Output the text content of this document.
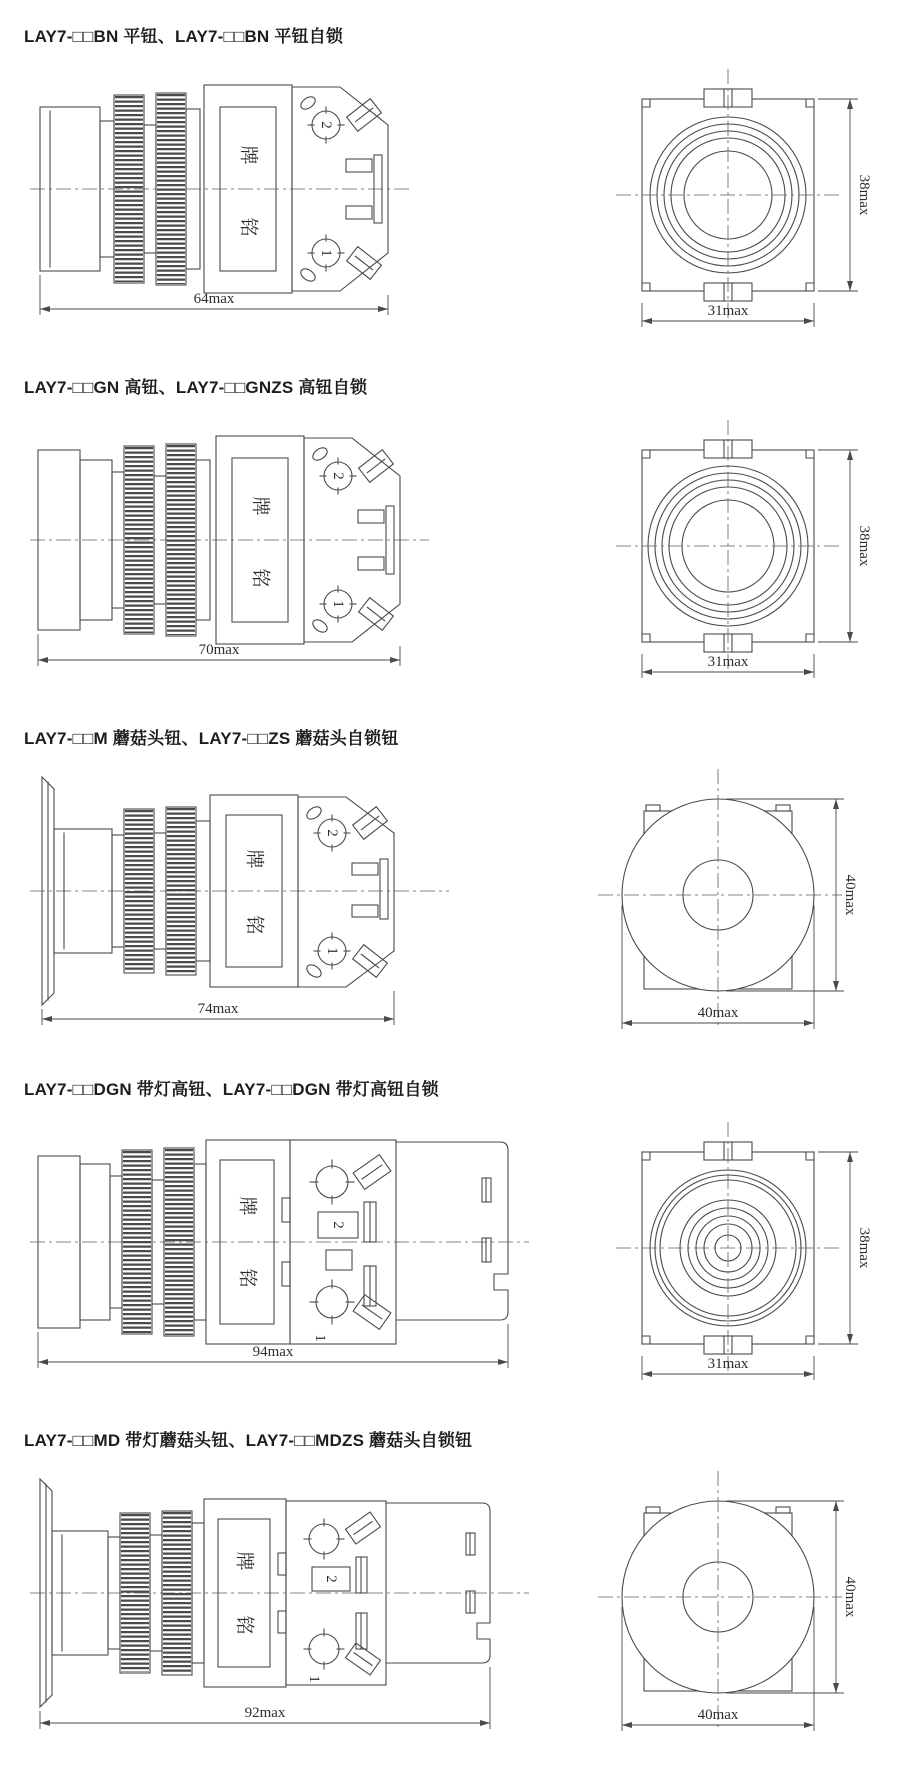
LAY7-□□BN 平钮、LAY7-□□BN 平钮自锁
牌
铭
2
1
64max
38max
31max
LAY7-□□GN 高钮、LAY7-□□GNZS 高钮自锁
牌
铭
2
1
70max
38max
31max
LAY7-□□M 蘑菇头钮、LAY7-□□ZS 蘑菇头自锁钮
牌
铭
2
1
74max
40max
40max
LAY7-□□DGN 带灯高钮、LAY7-□□DGN 带灯高钮自锁
牌
铭
2
1
94max
38max
31max
LAY7-□□MD 带灯蘑菇头钮、LAY7-□□MDZS 蘑菇头自锁钮
牌
铭
2
1
92max
40max
40max
